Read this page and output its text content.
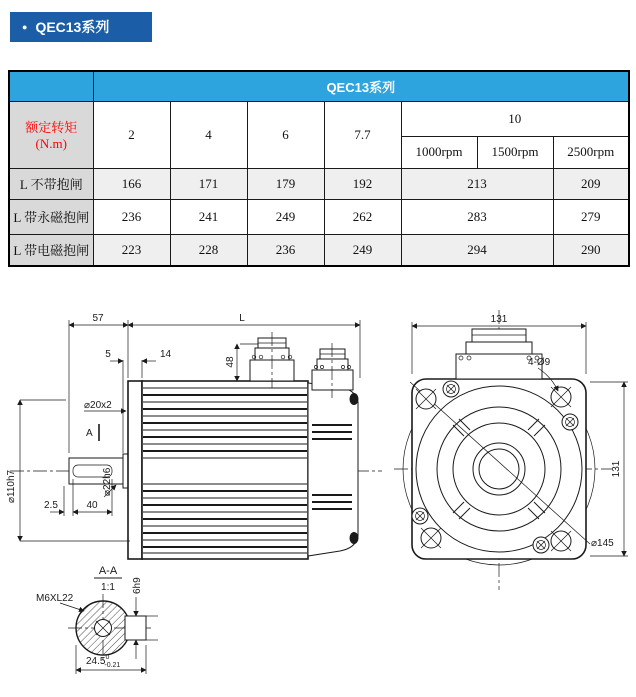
● QEC13系列
	QEC13系列						
额定转矩(N.m)	2	4	6	7.7	10		
					1000rpm	1500rpm	2500rpm
L 不带抱闸	166	171	179	192	213		209
L 带永磁抱闸	236	241	249	262	283		279
L 带电磁抱闸	223	228	236	249	294		290
57	L
5	14
48
⌀20x2
A
⌀110h7	⌀22h6
2.5	40
A-A
1:1
M6XL22
6h9
24.5$^0$ -0.21
131
131
4-Ø9
⌀145
